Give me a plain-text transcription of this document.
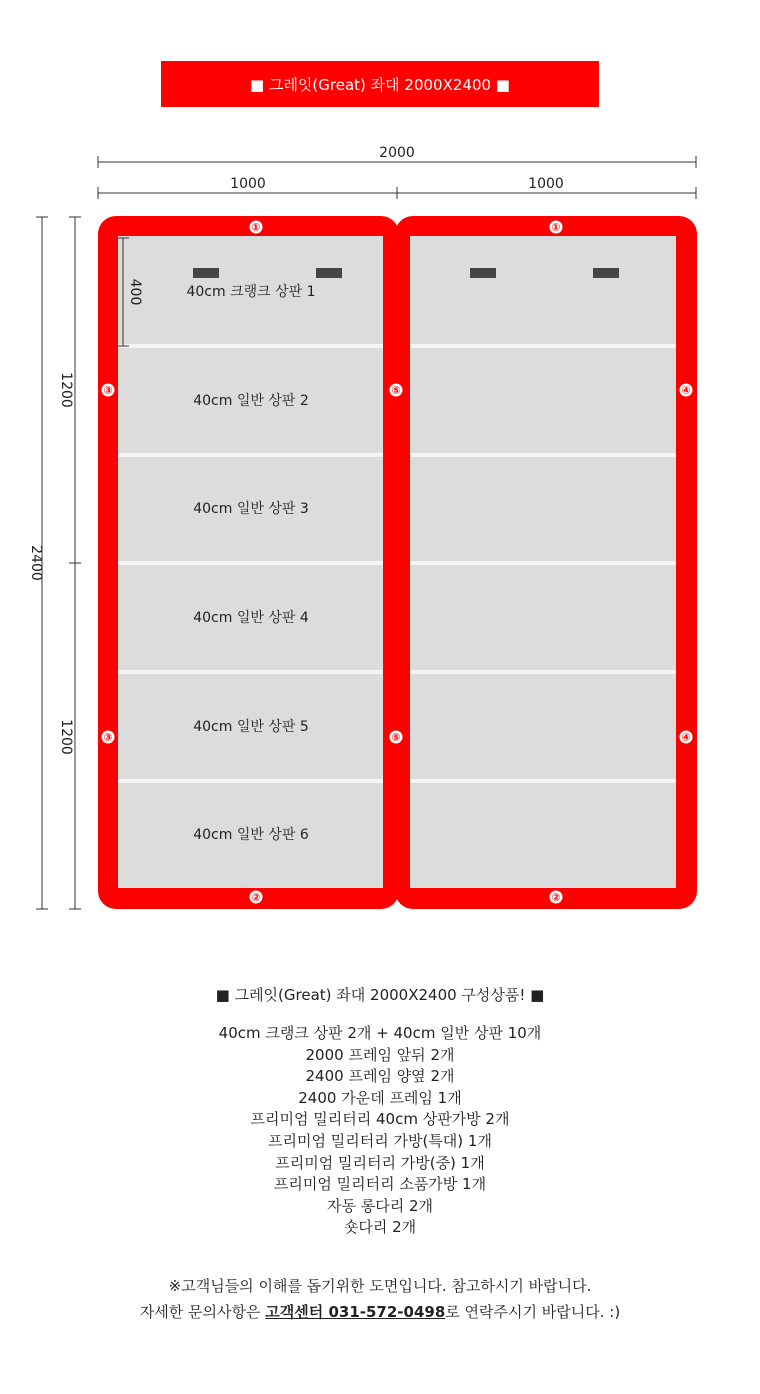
■ 그레잇(Great) 좌대 2000X2400 ■
2000
1000	1000
2400
1200
1200
400	40cm 크랭크 상판 1
40cm 일반 상판 2
40cm 일반 상판 3
40cm 일반 상판 4
40cm 일반 상판 5
40cm 일반 상판 6
①	①
②	②
③
③
⑤
⑤
④
④
■ 그레잇(Great) 좌대 2000X2400 구성상품! ■
40cm 크랭크 상판 2개 + 40cm 일반 상판 10개
2000 프레임 앞뒤 2개
2400 프레임 양옆 2개
2400 가운데 프레임 1개
프리미엄 밀리터리 40cm 상판가방 2개
프리미엄 밀리터리 가방(특대) 1개
프리미엄 밀리터리 가방(중) 1개
프리미엄 밀리터리 소품가방 1개
자동 롱다리 2개
숏다리 2개
※고객님들의 이해를 돕기위한 도면입니다. 참고하시기 바랍니다.
자세한 문의사항은 고객센터 031-572-0498로 연락주시기 바랍니다. :)
